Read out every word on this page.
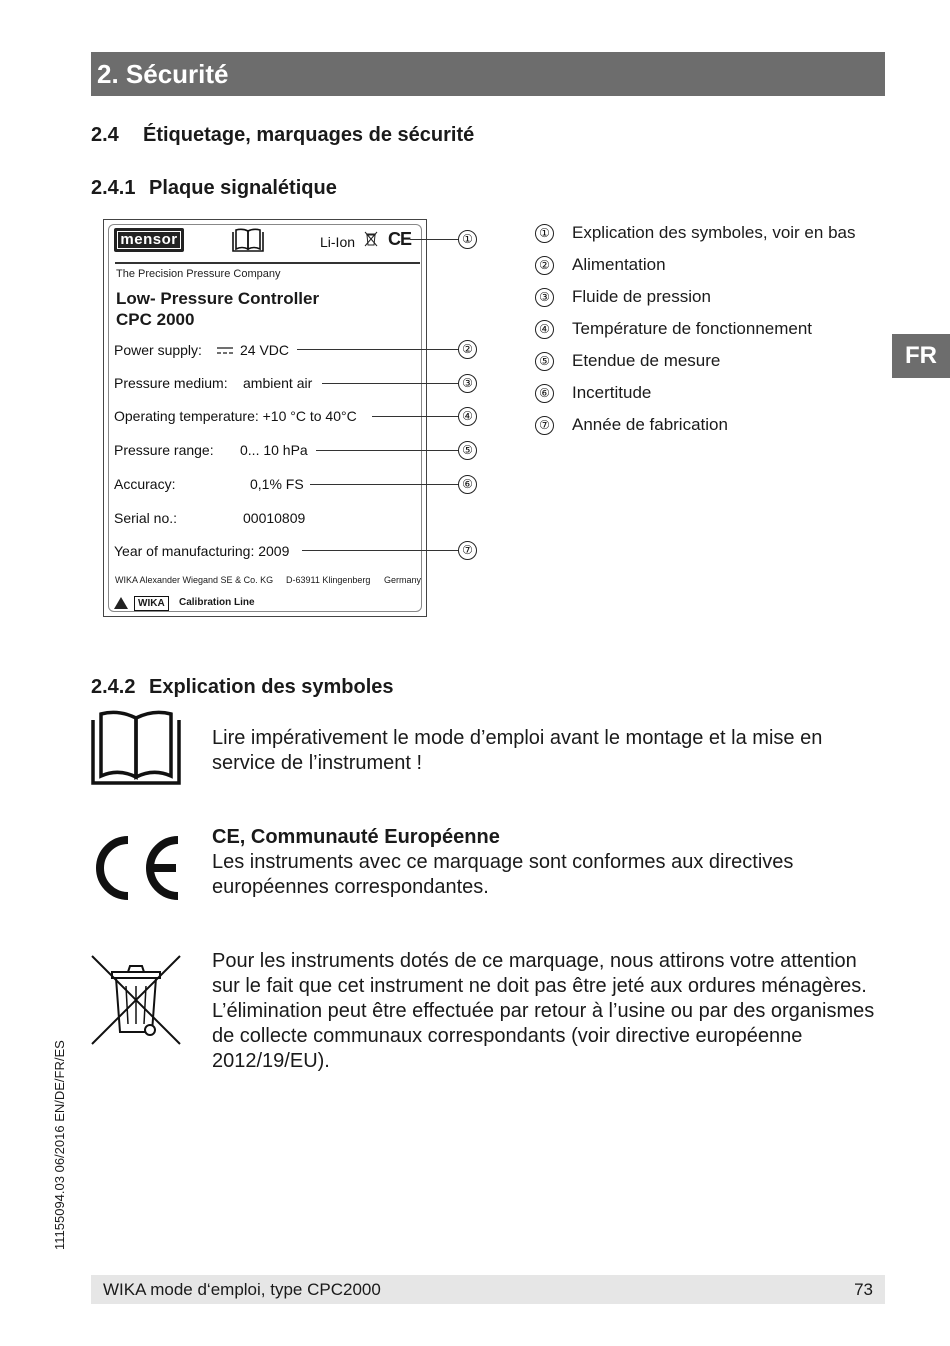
2. Sécurité
2.4 Étiquetage, marquages de sécurité
2.4.1 Plaque signalétique
mensor	Li-Ion CE
The Precision Pressure Company
Low- Pressure Controller
CPC 2000
Power supply:	24 VDC
Pressure medium: ambient air
Operating temperature: +10 °C to 40°C
Pressure range: 0... 10 hPa
Accuracy:	0,1% FS
Serial no.:	00010809
Year of manufacturing: 2009
WIKA Alexander Wiegand SE & Co. KG D-63911 Klingenberg Germany
WIKA	Calibration Line
①
②
③
④
⑤
⑥
⑦
① Explication des symboles, voir en bas
② Alimentation
③ Fluide de pression
④ Température de fonctionnement
⑤ Etendue de mesure
⑥ Incertitude
⑦ Année de fabrication
FR
2.4.2 Explication des symboles
Lire impérativement le mode d’emploi avant le montage et la mise en
service de l’instrument !
CE, Communauté Européenne
Les instruments avec ce marquage sont conformes aux directives
européennes correspondantes.
Pour les instruments dotés de ce marquage, nous attirons votre attention
sur le fait que cet instrument ne doit pas être jeté aux ordures ménagères.
L’élimination peut être effectuée par retour à l’usine ou par des organismes
de collecte communaux correspondants (voir directive européenne
2012/19/EU).
11155094.03 06/2016 EN/DE/FR/ES
WIKA mode d‘emploi, type CPC2000	73
